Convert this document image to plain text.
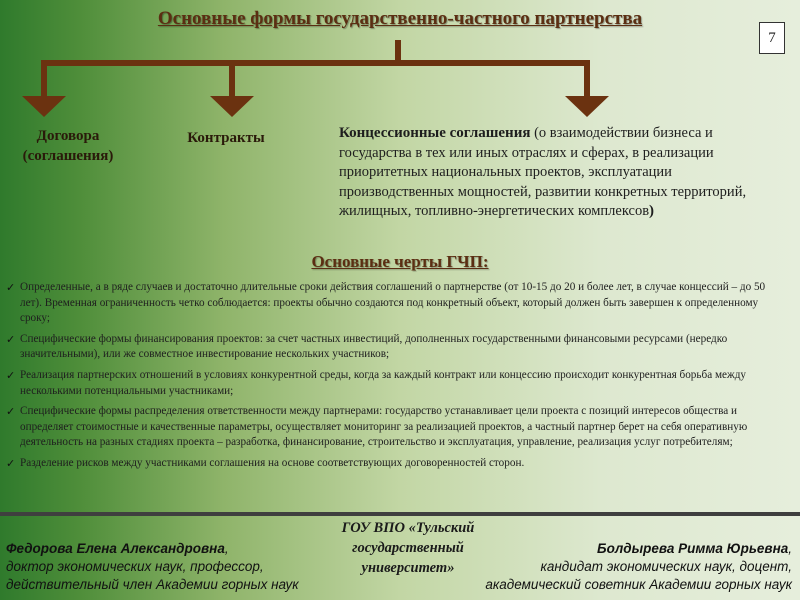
Основные формы государственно-частного партнерства
7
Договора (соглашения)
Контракты	Концессионные соглашения (о взаимодействии бизнеса и государства в тех или иных отраслях и сферах, в реализации приоритетных национальных проектов, эксплуатации производственных мощностей, развитии конкретных территорий, жилищных, топливно-энергетических комплексов)
Основные черты ГЧП:
✓ Определенные, а в ряде случаев и достаточно длительные сроки действия соглашений о партнерстве (от 10-15 до 20 и более лет, в случае концессий – до 50 лет). Временная ограниченность четко соблюдается: проекты обычно создаются под конкретный объект, который должен быть завершен к определенному сроку;
✓ Специфические формы финансирования проектов: за счет частных инвестиций, дополненных государственными финансовыми ресурсами (нередко значительными), или же совместное инвестирование нескольких участников;
✓ Реализация партнерских отношений в условиях конкурентной среды, когда за каждый контракт или концессию происходит конкурентная борьба между несколькими потенциальными участниками;
✓ Специфические формы распределения ответственности между партнерами: государство устанавливает цели проекта с позиций интересов общества и определяет стоимостные и качественные параметры, осуществляет мониторинг за реализацией проектов, а частный партнер берет на себя оперативную деятельность на разных стадиях проекта – разработка, финансирование, строительство и эксплуатация, управление, реализация услуг потребителям;
✓ Разделение рисков между участниками соглашения на основе соответствующих договоренностей сторон.
Федорова Елена Александровна,
доктор экономических наук, профессор,
действительный член Академии горных наук
ГОУ ВПО «Тульский государственный университет»
Болдырева Римма Юрьевна,
кандидат экономических наук, доцент,
академический советник Академии горных наук
